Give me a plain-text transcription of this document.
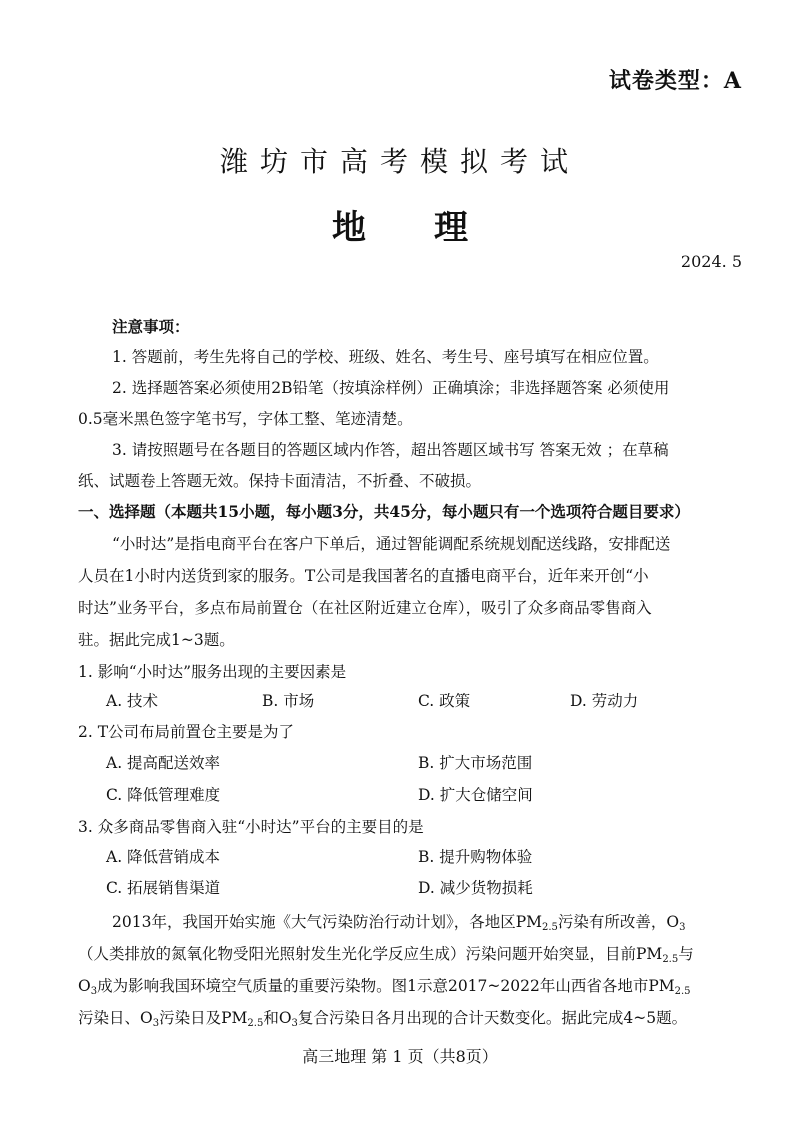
试卷类型：A
潍坊市高考模拟考试
地 理
2024. 5
注意事项：
1. 答题前，考生先将自己的学校、班级、姓名、考生号、座号填写在相应位置。
2. 选择题答案必须使用2B铅笔（按填涂样例）正确填涂；非选择题答案 必须使用
0.5毫米黑色签字笔书写，字体工整、笔迹清楚。
3. 请按照题号在各题目的答题区域内作答，超出答题区域书写 答案无效 ；在草稿
纸、试题卷上答题无效。保持卡面清洁，不折叠、不破损。
一、选择题（本题共15小题，每小题3分，共45分，每小题只有一个选项符合题目要求）
“小时达”是指电商平台在客户下单后，通过智能调配系统规划配送线路，安排配送
人员在1小时内送货到家的服务。T公司是我国著名的直播电商平台，近年来开创“小
时达”业务平台，多点布局前置仓（在社区附近建立仓库），吸引了众多商品零售商入
驻。据此完成1~3题。
1. 影响“小时达”服务出现的主要因素是
A. 技术	B. 市场	C. 政策	D. 劳动力
2. T公司布局前置仓主要是为了
A. 提高配送效率	B. 扩大市场范围
C. 降低管理难度	D. 扩大仓储空间
3. 众多商品零售商入驻“小时达”平台的主要目的是
A. 降低营销成本	B. 提升购物体验
C. 拓展销售渠道	D. 减少货物损耗
2013年，我国开始实施《大气污染防治行动计划》，各地区$PM_{2.5}$污染有所改善，$O_3$
（人类排放的氮氧化物受阳光照射发生光化学反应生成）污染问题开始突显，目前$PM_{2.5}$与
$O_3$成为影响我国环境空气质量的重要污染物。图1示意2017~2022年山西省各地市$PM_{2.5}$
污染日、$O_3$污染日及$PM_{2.5}$和$O_3$复合污染日各月出现的合计天数变化。据此完成4~5题。
高三地理 第 1 页（共8页）
